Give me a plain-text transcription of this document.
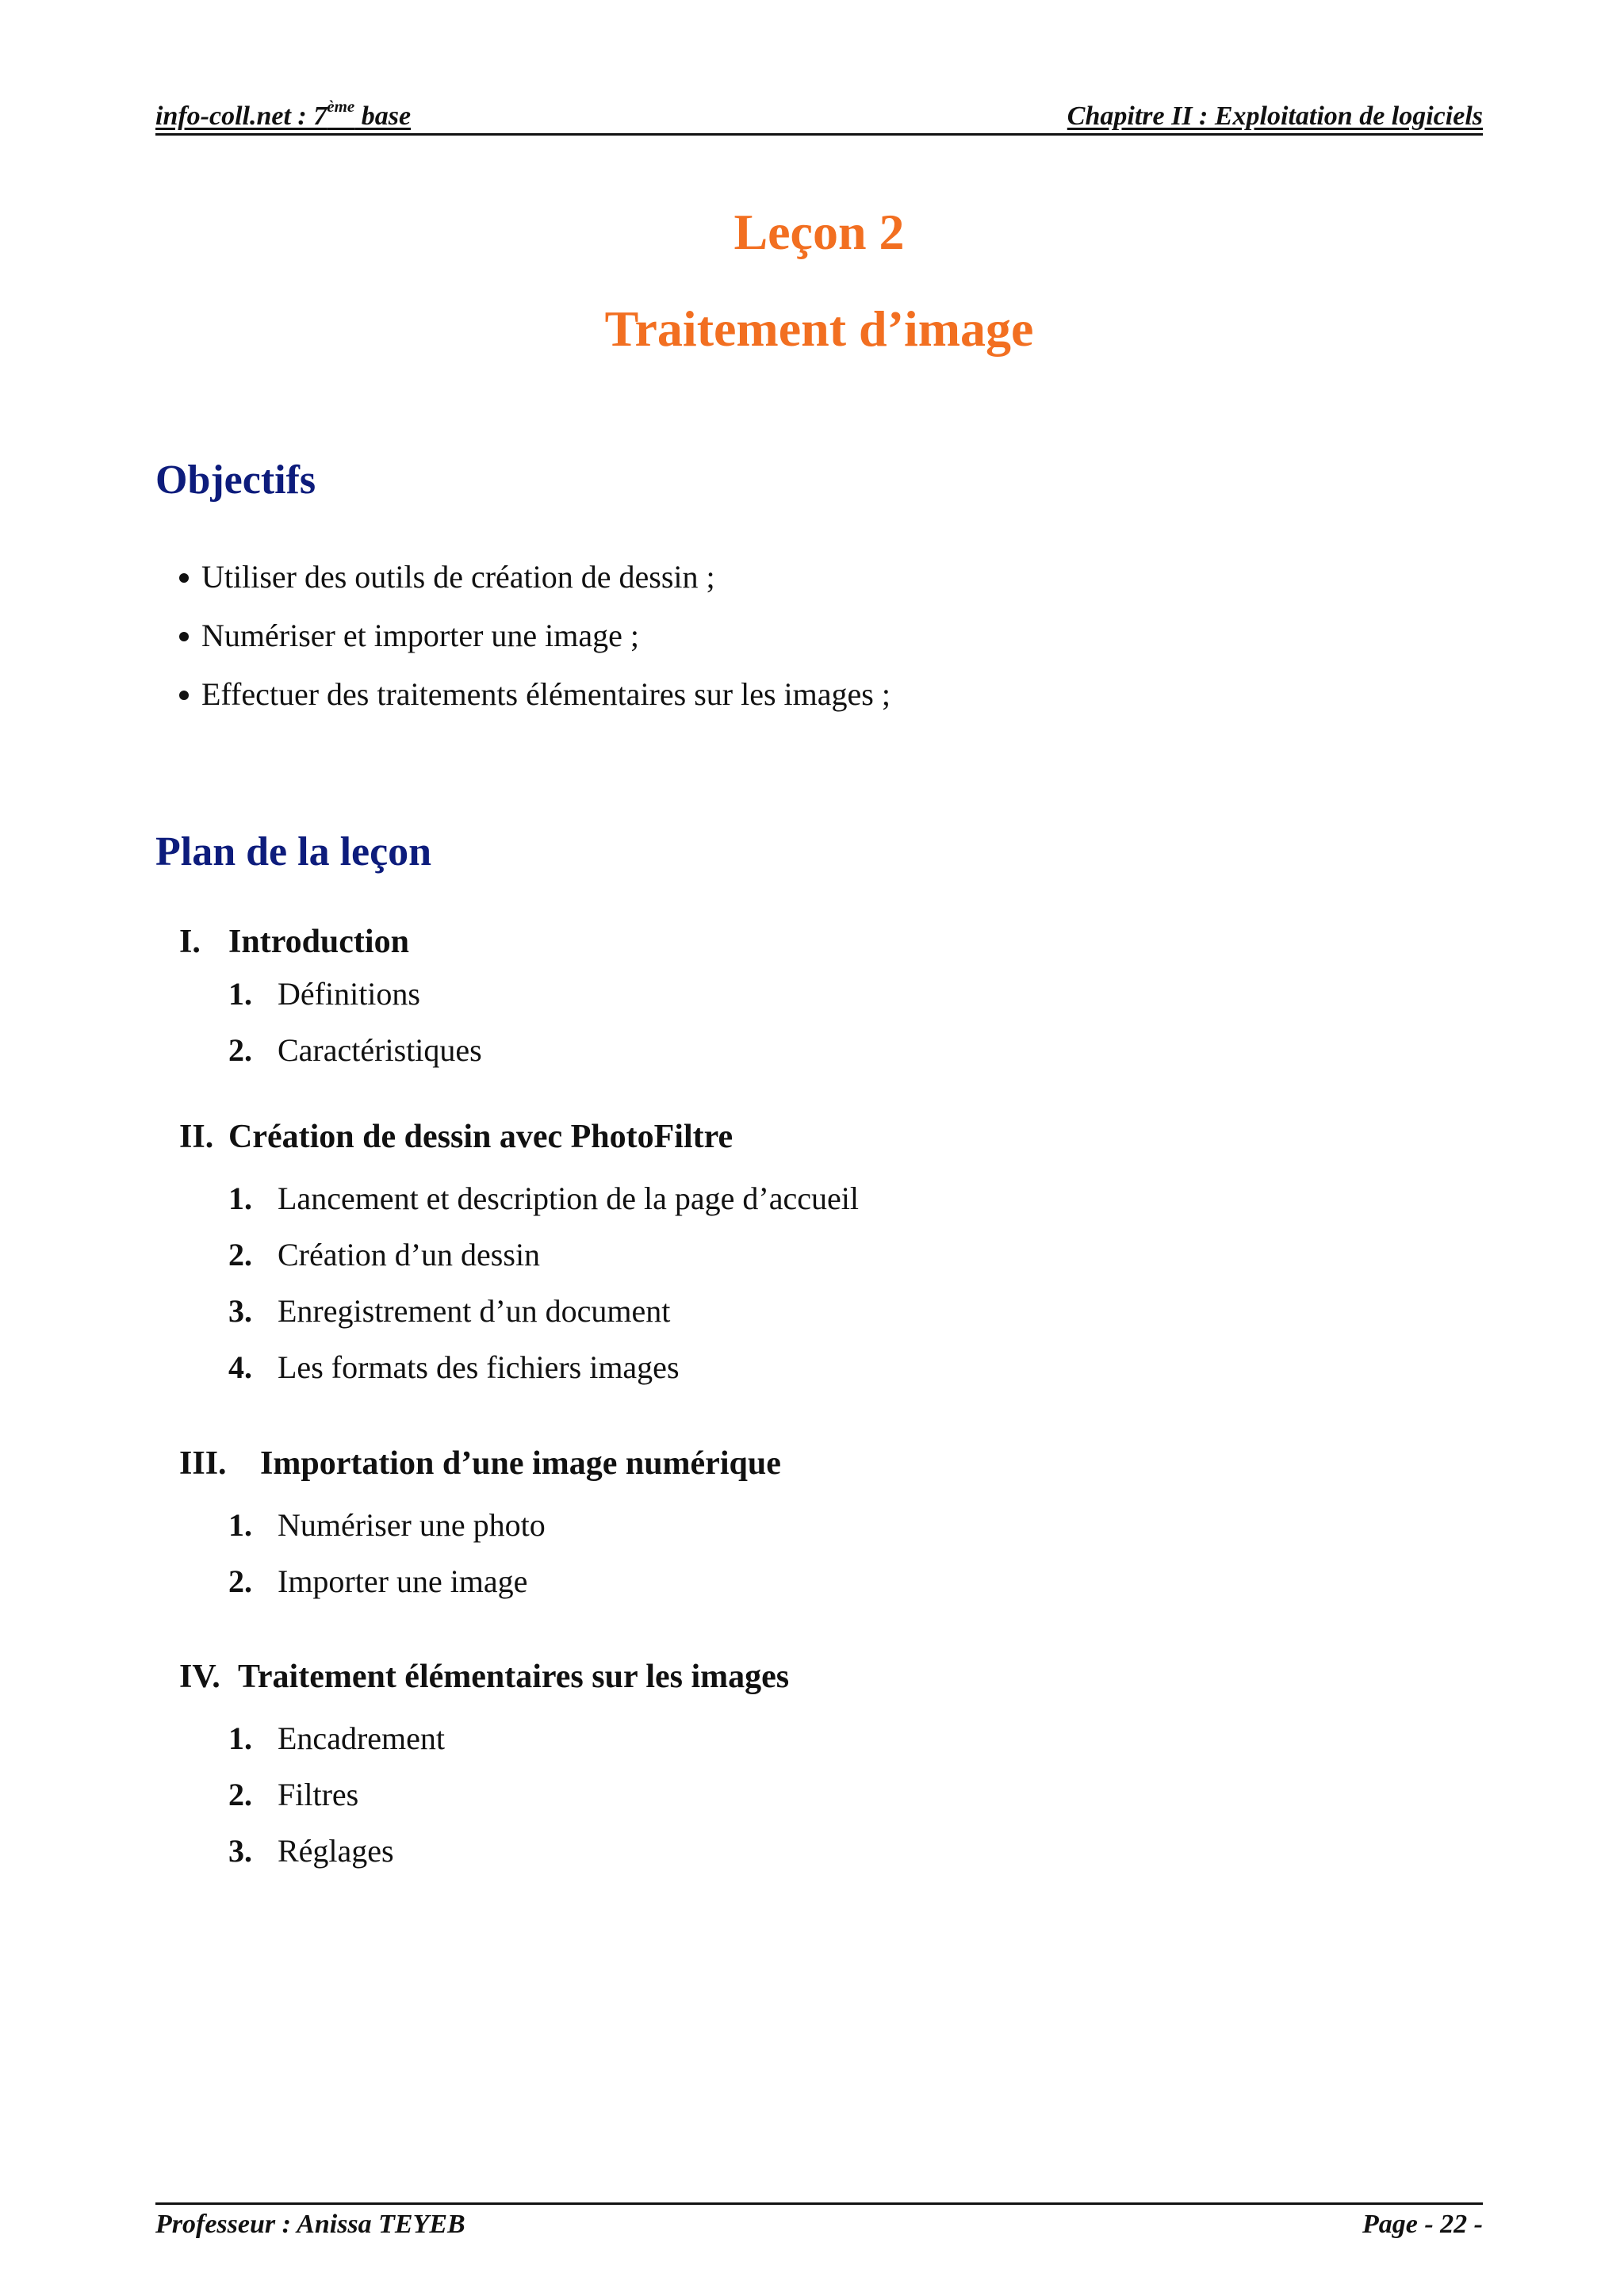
info-coll.net : 7ème base	Chapitre II : Exploitation de logiciels
Leçon 2
Traitement d’image
Objectifs
Utiliser des outils de création de dessin ;
Numériser et importer une image ;
Effectuer des traitements élémentaires sur les images ;
Plan de la leçon
I. Introduction
1. Définitions
2. Caractéristiques
II. Création de dessin avec PhotoFiltre
1. Lancement et description de la page d’accueil
2. Création d’un dessin
3. Enregistrement d’un document
4. Les formats des fichiers images
III.	Importation d’une image numérique
1. Numériser une photo
2. Importer une image
IV. Traitement élémentaires sur les images
1. Encadrement
2. Filtres
3. Réglages
Professeur : Anissa TEYEB	Page - 22 -
